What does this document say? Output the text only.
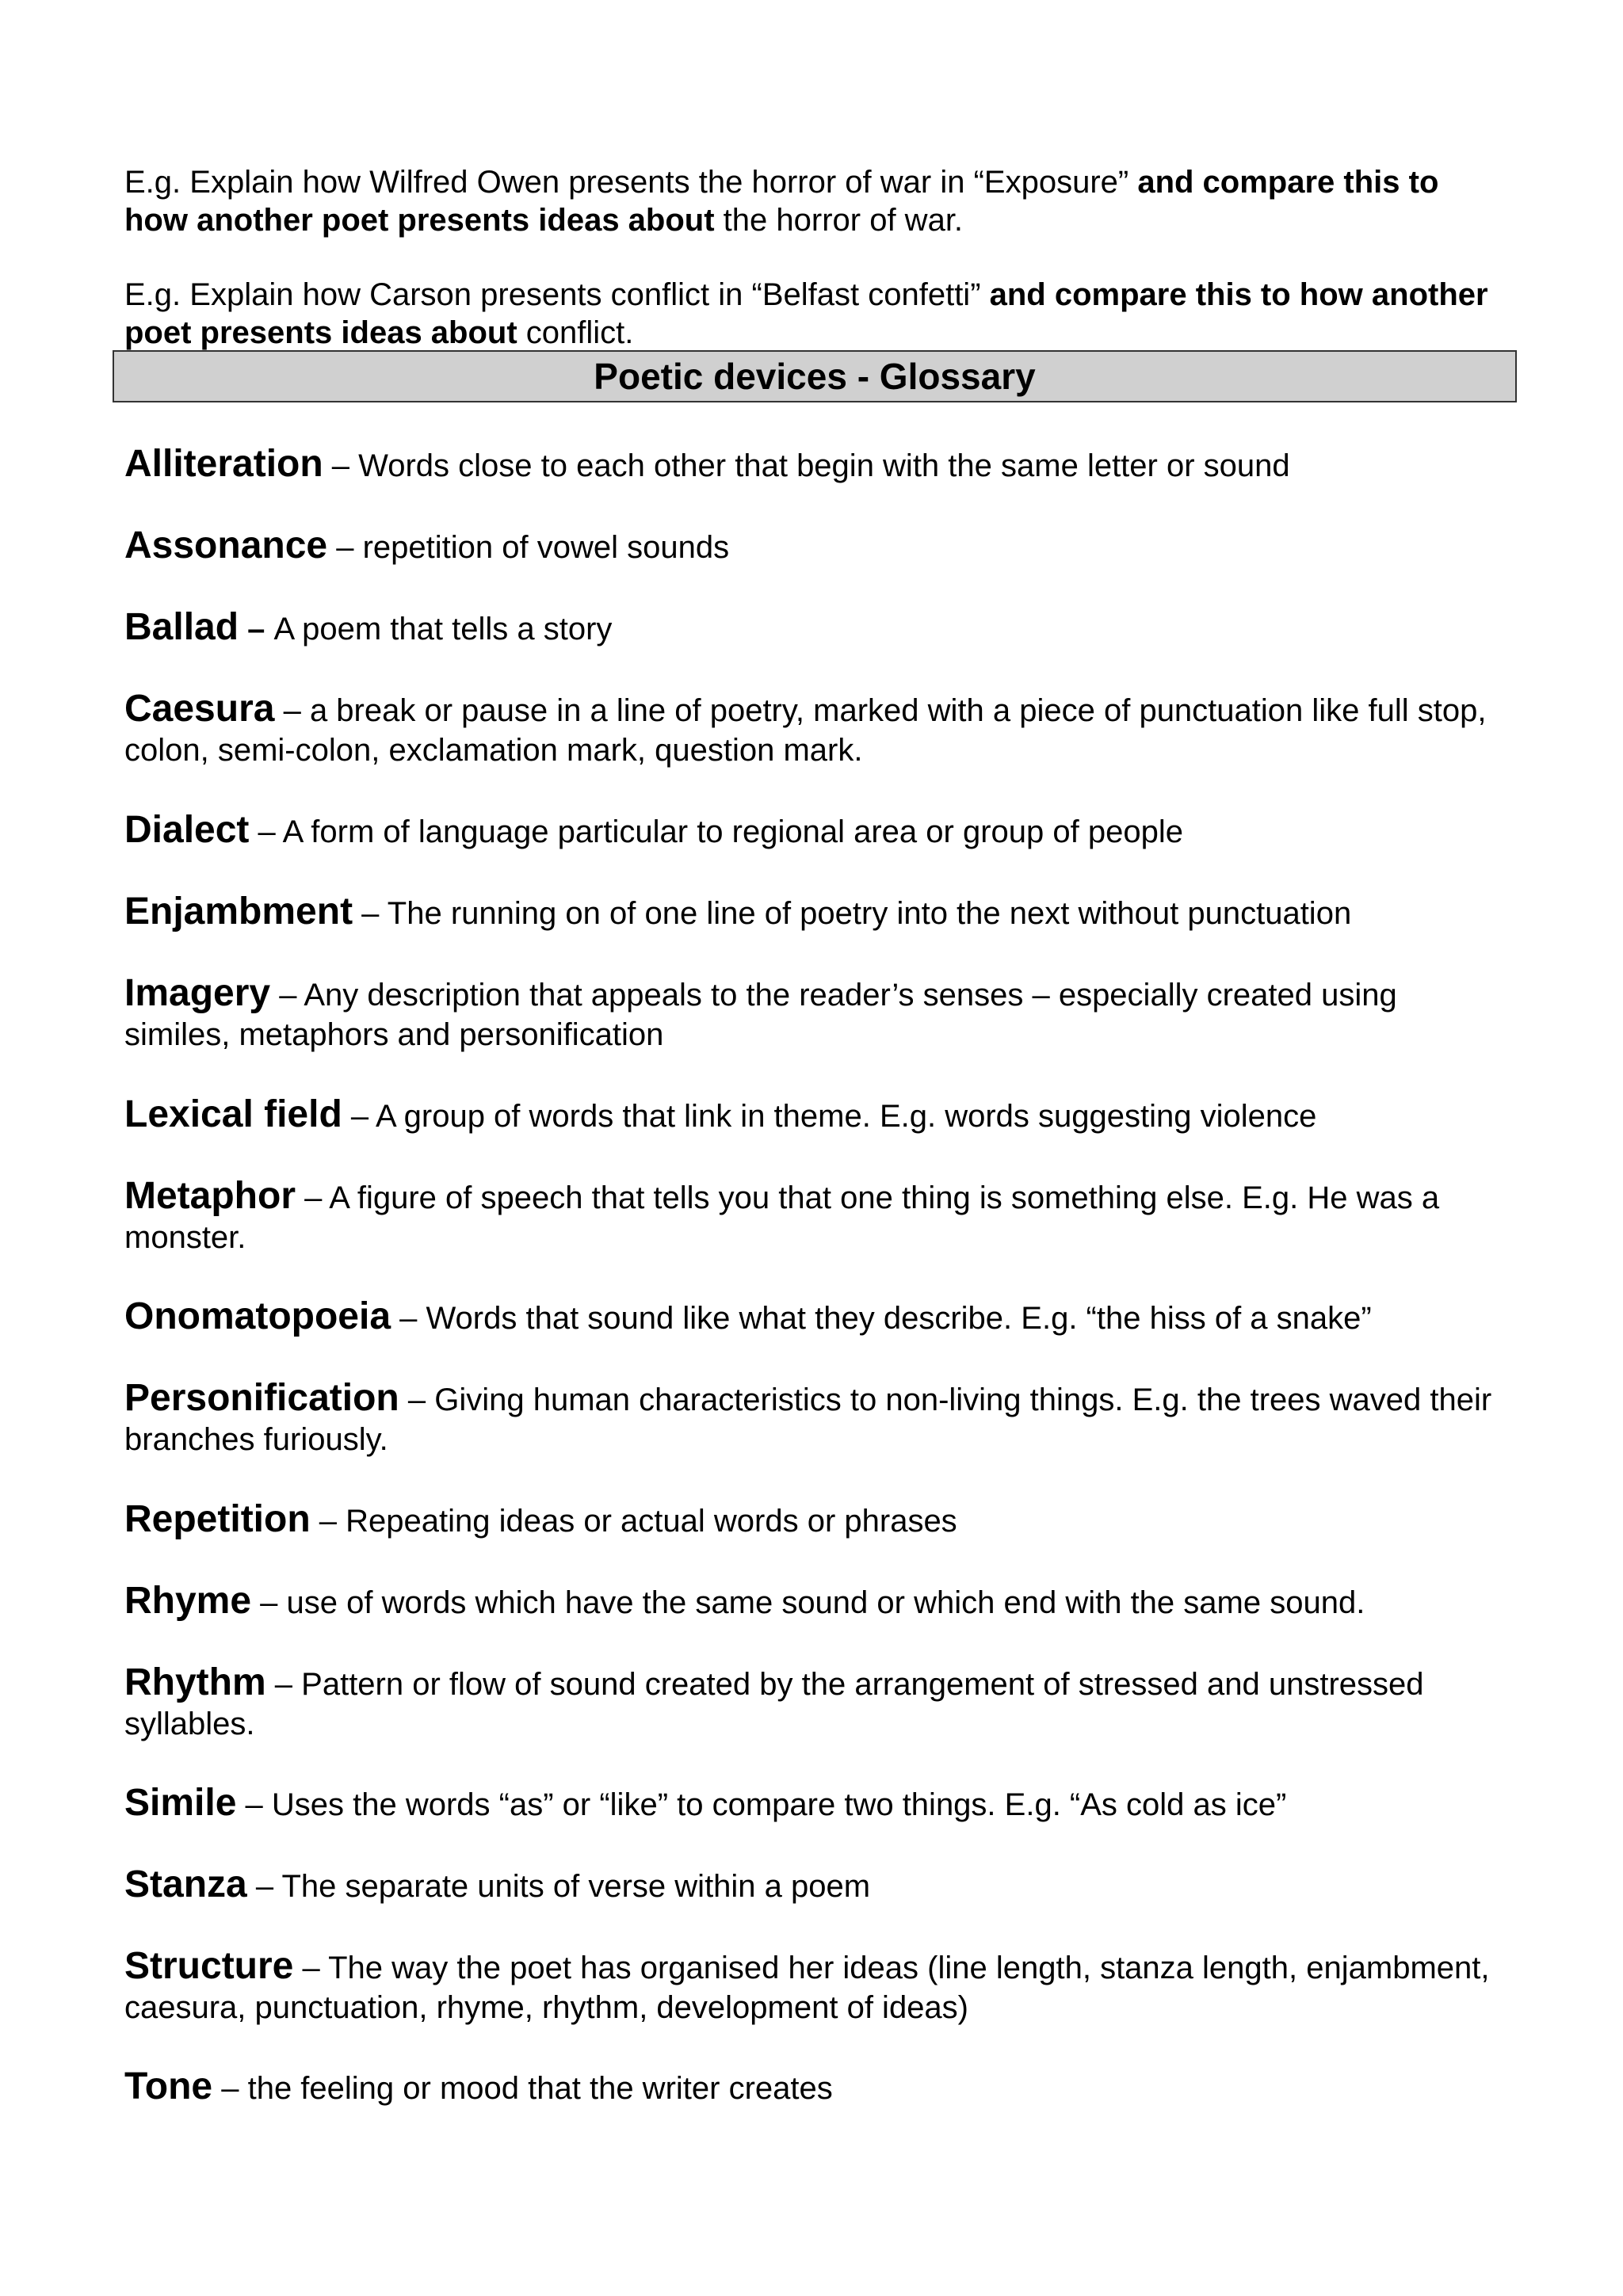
E.g. Explain how Wilfred Owen presents the horror of war in “Exposure” and compare this to how another poet presents ideas about the horror of war.

E.g. Explain how Carson presents conflict in “Belfast confetti” and compare this to how another poet presents ideas about conflict.

Poetic devices - Glossary
Alliteration – Words close to each other that begin with the same letter or sound
Assonance – repetition of vowel sounds
Ballad – A poem that tells a story
Caesura – a break or pause in a line of poetry, marked with a piece of punctuation like full stop, colon, semi-colon, exclamation mark, question mark.
Dialect – A form of language particular to regional area or group of people
Enjambment – The running on of one line of poetry into the next without punctuation
Imagery – Any description that appeals to the reader’s senses – especially created using similes, metaphors and personification
Lexical field – A group of words that link in theme. E.g. words suggesting violence
Metaphor – A figure of speech that tells you that one thing is something else. E.g. He was a monster.
Onomatopoeia – Words that sound like what they describe. E.g. “the hiss of a snake”
Personification – Giving human characteristics to non-living things. E.g. the trees waved their branches furiously.
Repetition – Repeating ideas or actual words or phrases
Rhyme – use of words which have the same sound or which end with the same sound.
Rhythm – Pattern or flow of sound created by the arrangement of stressed and unstressed syllables.
Simile – Uses the words “as” or “like” to compare two things. E.g. “As cold as ice”
Stanza – The separate units of verse within a poem
Structure – The way the poet has organised her ideas (line length, stanza length, enjambment, caesura, punctuation, rhyme, rhythm, development of ideas)
Tone – the feeling or mood that the writer creates
